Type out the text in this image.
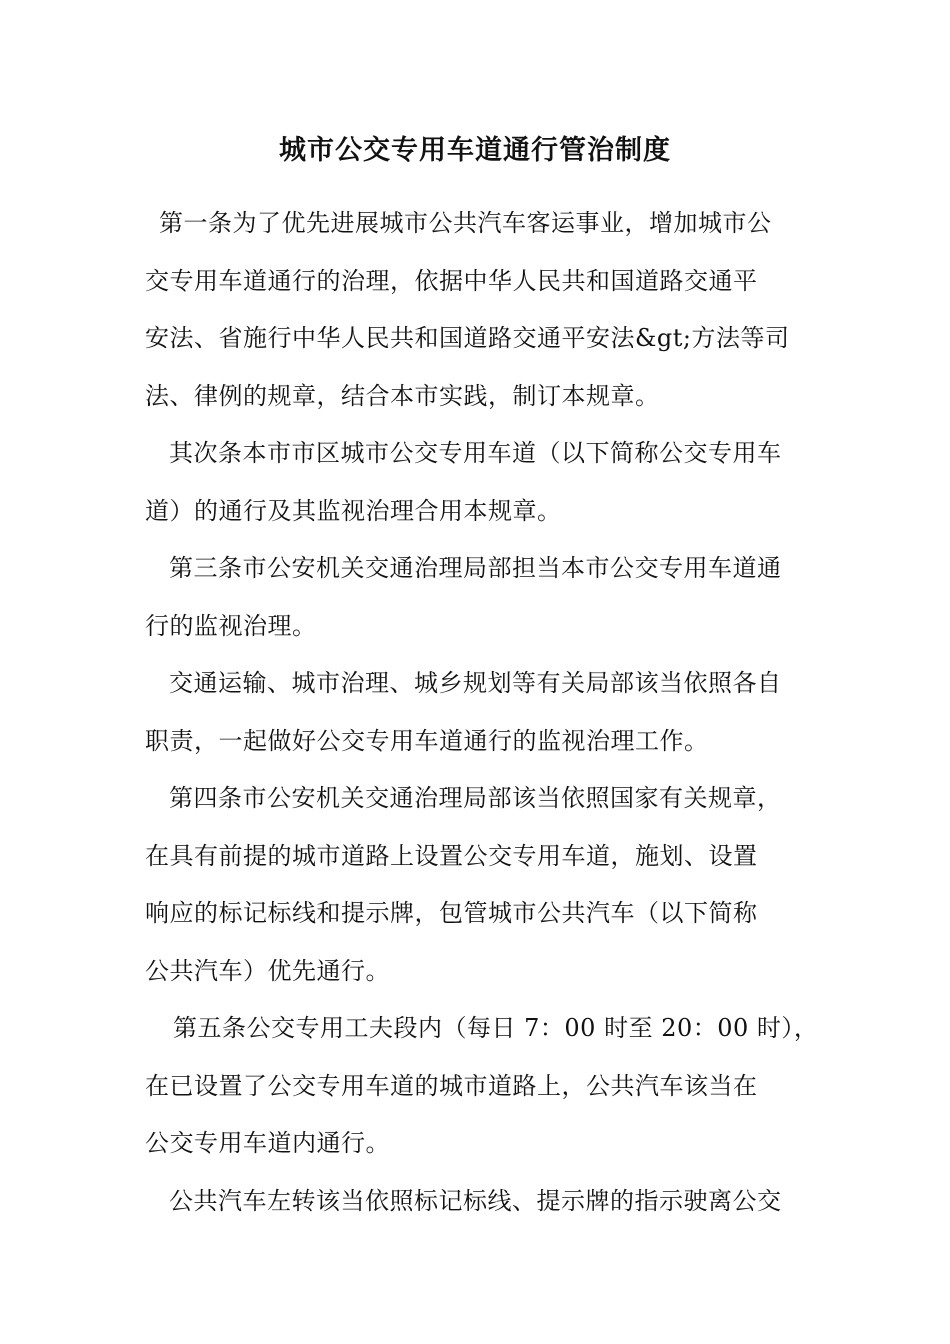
城市公交专用车道通行管治制度
第一条为了优先进展城市公共汽车客运事业，增加城市公
交专用车道通行的治理，依据中华人民共和国道路交通平
安法、省施行中华人民共和国道路交通平安法&gt;方法等司
法、律例的规章，结合本市实践，制订本规章。
其次条本市市区城市公交专用车道（以下简称公交专用车
道）的通行及其监视治理合用本规章。
第三条市公安机关交通治理局部担当本市公交专用车道通
行的监视治理。
交通运输、城市治理、城乡规划等有关局部该当依照各自
职责，一起做好公交专用车道通行的监视治理工作。
第四条市公安机关交通治理局部该当依照国家有关规章，
在具有前提的城市道路上设置公交专用车道，施划、设置
响应的标记标线和提示牌，包管城市公共汽车（以下简称
公共汽车）优先通行。
第五条公交专用工夫段内（每日 7：00 时至 20：00 时），
在已设置了公交专用车道的城市道路上，公共汽车该当在
公交专用车道内通行。
公共汽车左转该当依照标记标线、提示牌的指示驶离公交
